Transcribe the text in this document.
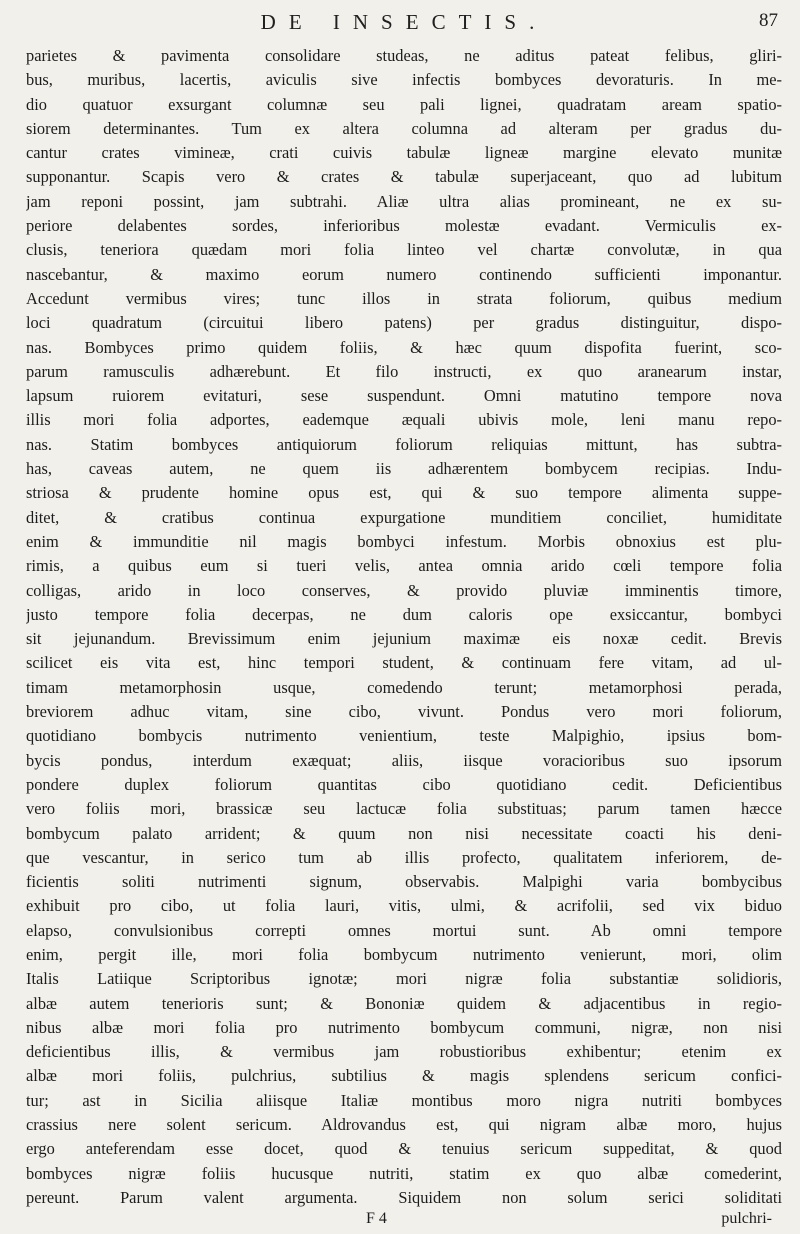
DE INSECTIS.	87
parietes & pavimenta consolidare studeas, ne aditus pateat felibus, gliri-
bus, muribus, lacertis, aviculis sive infectis bombyces devoraturis. In me-
dio quatuor exsurgant columnæ seu pali lignei, quadratam aream spatio-
siorem determinantes. Tum ex altera columna ad alteram per gradus du-
cantur crates vimineæ, crati cuivis tabulæ ligneæ margine elevato munitæ
supponantur. Scapis vero & crates & tabulæ superjaceant, quo ad lubitum
jam reponi possint, jam subtrahi. Aliæ ultra alias promineant, ne ex su-
periore delabentes sordes, inferioribus molestæ evadant. Vermiculis ex-
clusis, teneriora quædam mori folia linteo vel chartæ convolutæ, in qua
nascebantur, & maximo eorum numero continendo sufficienti imponantur.
Accedunt vermibus vires; tunc illos in strata foliorum, quibus medium
loci quadratum (circuitui libero patens) per gradus distinguitur, dispo-
nas. Bombyces primo quidem foliis, & hæc quum dispofita fuerint, sco-
parum ramusculis adhærebunt. Et filo instructi, ex quo aranearum instar,
lapsum ruiorem evitaturi, sese suspendunt. Omni matutino tempore nova
illis mori folia adportes, eademque æquali ubivis mole, leni manu repo-
nas. Statim bombyces antiquiorum foliorum reliquias mittunt, has subtra-
has, caveas autem, ne quem iis adhærentem bombycem recipias. Indu-
striosa & prudente homine opus est, qui & suo tempore alimenta suppe-
ditet, & cratibus continua expurgatione munditiem conciliet, humiditate
enim & immunditie nil magis bombyci infestum. Morbis obnoxius est plu-
rimis, a quibus eum si tueri velis, antea omnia arido cœli tempore folia
colligas, arido in loco conserves, & provido pluviæ imminentis timore,
justo tempore folia decerpas, ne dum caloris ope exsiccantur, bombyci
sit jejunandum. Brevissimum enim jejunium maximæ eis noxæ cedit. Brevis
scilicet eis vita est, hinc tempori student, & continuam fere vitam, ad ul-
timam metamorphosin usque, comedendo terunt; metamorphosi perada,
breviorem adhuc vitam, sine cibo, vivunt. Pondus vero mori foliorum,
quotidiano bombycis nutrimento venientium, teste Malpighio, ipsius bom-
bycis pondus, interdum exæquat; aliis, iisque voracioribus suo ipsorum
pondere duplex foliorum quantitas cibo quotidiano cedit. Deficientibus
vero foliis mori, brassicæ seu lactucæ folia substituas; parum tamen hæcce
bombycum palato arrident; & quum non nisi necessitate coacti his deni-
que vescantur, in serico tum ab illis profecto, qualitatem inferiorem, de-
ficientis soliti nutrimenti signum, observabis. Malpighi varia bombycibus
exhibuit pro cibo, ut folia lauri, vitis, ulmi, & acrifolii, sed vix biduo
elapso, convulsionibus correpti omnes mortui sunt. Ab omni tempore
enim, pergit ille, mori folia bombycum nutrimento venierunt, mori, olim
Italis Latiique Scriptoribus ignotæ; mori nigræ folia substantiæ solidioris,
albæ autem tenerioris sunt; & Bononiæ quidem & adjacentibus in regio-
nibus albæ mori folia pro nutrimento bombycum communi, nigræ, non nisi
deficientibus illis, & vermibus jam robustioribus exhibentur; etenim ex
albæ mori foliis, pulchrius, subtilius & magis splendens sericum confici-
tur; ast in Sicilia aliisque Italiæ montibus moro nigra nutriti bombyces
crassius nere solent sericum. Aldrovandus est, qui nigram albæ moro, hujus
ergo anteferendam esse docet, quod & tenuius sericum suppeditat, & quod
bombyces nigræ foliis hucusque nutriti, statim ex quo albæ comederint,
pereunt. Parum valent argumenta. Siquidem non solum serici soliditati
F 4	pulchri-
